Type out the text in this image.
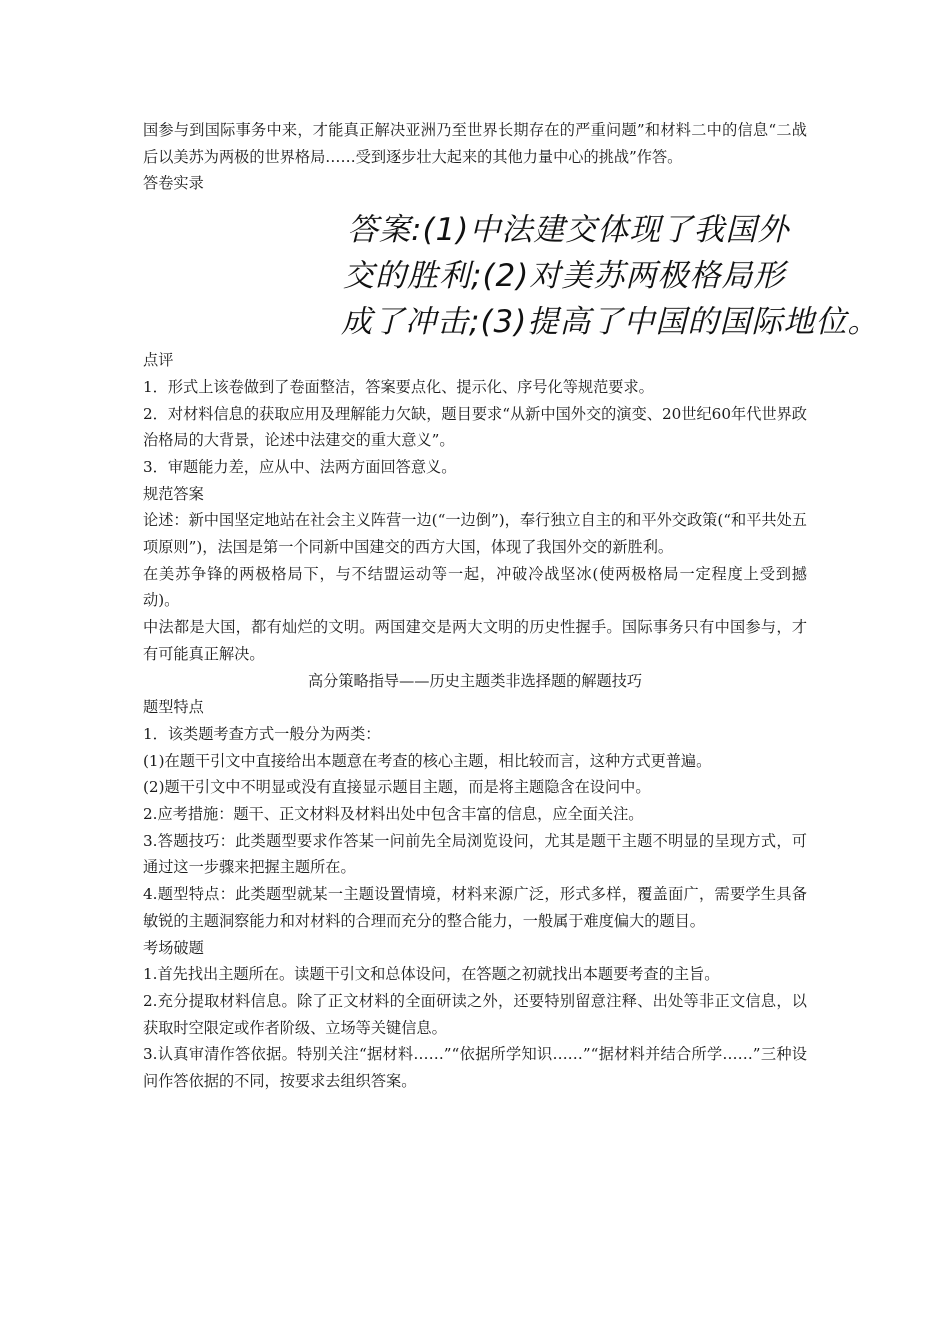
国参与到国际事务中来，才能真正解决亚洲乃至世界长期存在的严重问题”和材料二中的信息“二战后以美苏为两极的世界格局……受到逐步壮大起来的其他力量中心的挑战”作答。

答卷实录

答案:(1)中法建交体现了我国外
交的胜利;(2)对美苏两极格局形
成了冲击;(3)提高了中国的国际地位。

点评

1．形式上该卷做到了卷面整洁，答案要点化、提示化、序号化等规范要求。

2．对材料信息的获取应用及理解能力欠缺，题目要求“从新中国外交的演变、20世纪60年代世界政治格局的大背景，论述中法建交的重大意义”。

3．审题能力差，应从中、法两方面回答意义。

规范答案

论述：新中国坚定地站在社会主义阵营一边(“一边倒”)，奉行独立自主的和平外交政策(“和平共处五项原则”)，法国是第一个同新中国建交的西方大国，体现了我国外交的新胜利。

在美苏争锋的两极格局下，与不结盟运动等一起，冲破冷战坚冰(使两极格局一定程度上受到撼动)。

中法都是大国，都有灿烂的文明。两国建交是两大文明的历史性握手。国际事务只有中国参与，才有可能真正解决。

高分策略指导——历史主题类非选择题的解题技巧

题型特点

1．该类题考查方式一般分为两类：

(1)在题干引文中直接给出本题意在考查的核心主题，相比较而言，这种方式更普遍。

(2)题干引文中不明显或没有直接显示题目主题，而是将主题隐含在设问中。

2.应考措施：题干、正文材料及材料出处中包含丰富的信息，应全面关注。

3.答题技巧：此类题型要求作答某一问前先全局浏览设问，尤其是题干主题不明显的呈现方式，可通过这一步骤来把握主题所在。

4.题型特点：此类题型就某一主题设置情境，材料来源广泛，形式多样，覆盖面广，需要学生具备敏锐的主题洞察能力和对材料的合理而充分的整合能力，一般属于难度偏大的题目。

考场破题

1.首先找出主题所在。读题干引文和总体设问，在答题之初就找出本题要考查的主旨。

2.充分提取材料信息。除了正文材料的全面研读之外，还要特别留意注释、出处等非正文信息，以获取时空限定或作者阶级、立场等关键信息。

3.认真审清作答依据。特别关注“据材料……”“依据所学知识……”“据材料并结合所学……”三种设问作答依据的不同，按要求去组织答案。
